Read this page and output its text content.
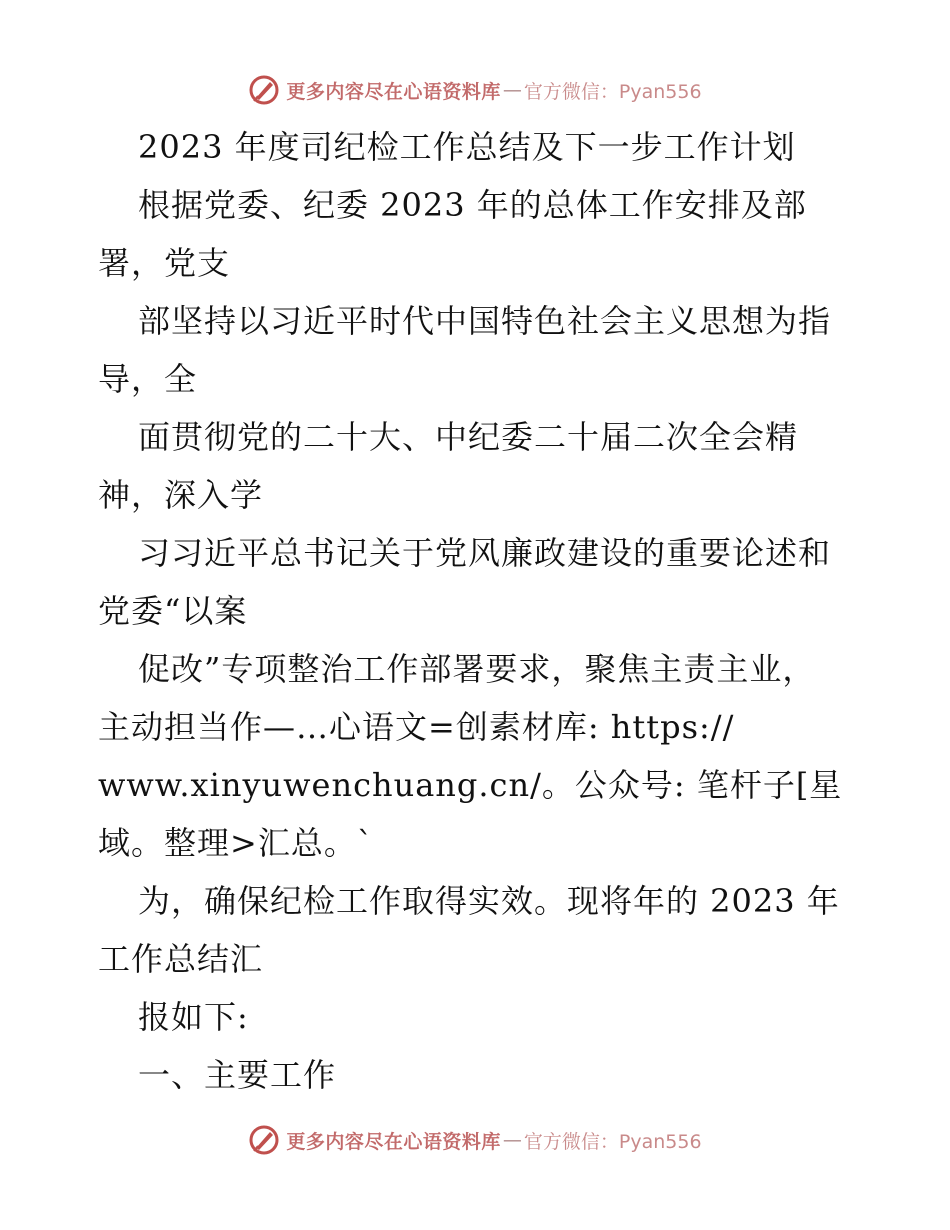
更多内容尽在心语资料库 — 官方微信：Pyan556
2023 年度司纪检工作总结及下一步工作计划
根据党委、纪委 2023 年的总体工作安排及部
署，党支
部坚持以习近平时代中国特色社会主义思想为指
导，全
面贯彻党的二十大、中纪委二十届二次全会精
神，深入学
习习近平总书记关于党风廉政建设的重要论述和
党委“以案
促改”专项整治工作部署要求，聚焦主责主业，
主动担当作—…心语文=创素材库: https://
www.xinyuwenchuang.cn/。公众号: 笔杆子[星
域。整理>汇总。`
为，确保纪检工作取得实效。现将年的 2023 年
工作总结汇
报如下:
一、主要工作
更多内容尽在心语资料库 — 官方微信：Pyan556
